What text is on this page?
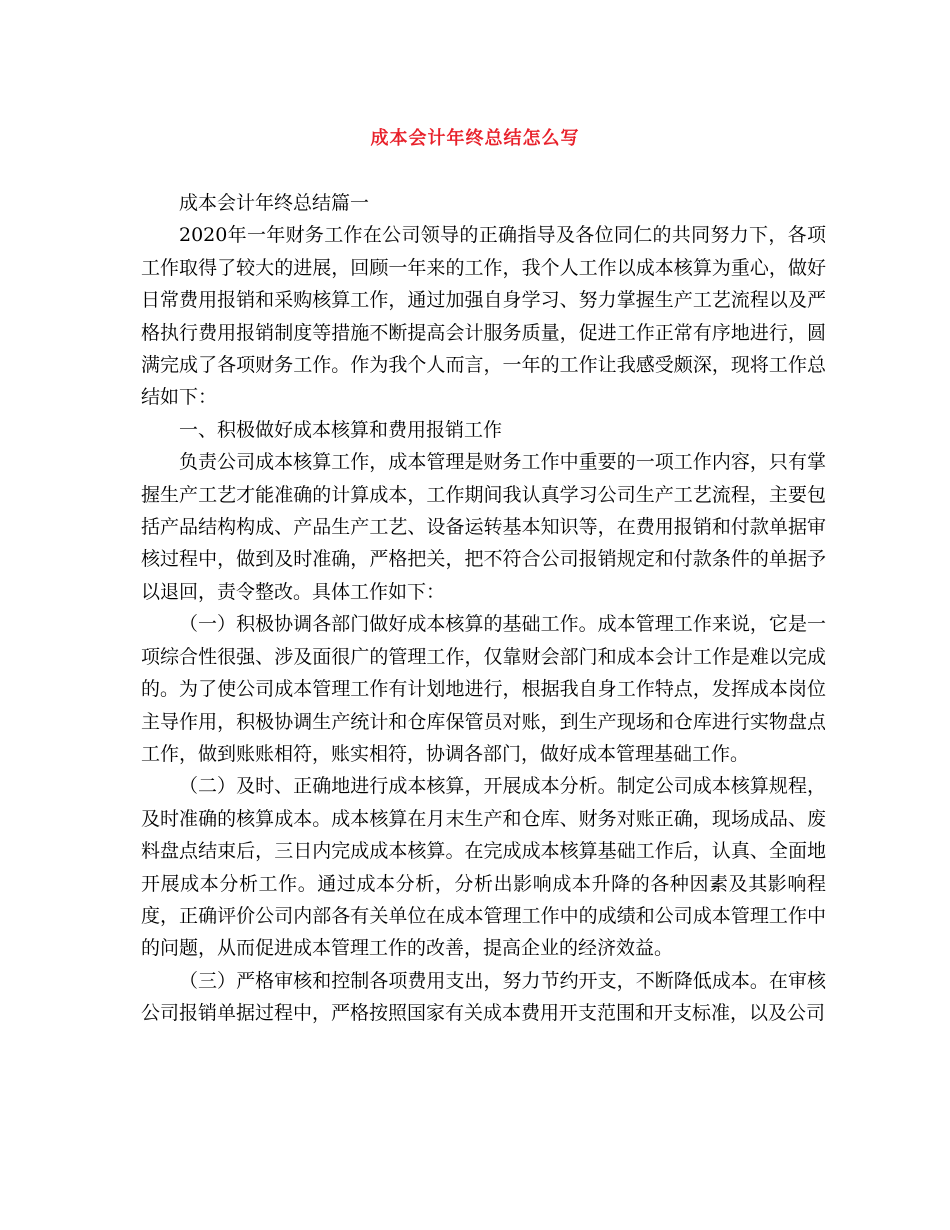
成本会计年终总结怎么写

成本会计年终总结篇一

2020年一年财务工作在公司领导的正确指导及各位同仁的共同努力下，各项工作取得了较大的进展，回顾一年来的工作，我个人工作以成本核算为重心，做好日常费用报销和采购核算工作，通过加强自身学习、努力掌握生产工艺流程以及严格执行费用报销制度等措施不断提高会计服务质量，促进工作正常有序地进行，圆满完成了各项财务工作。作为我个人而言，一年的工作让我感受颇深，现将工作总结如下：

一、积极做好成本核算和费用报销工作

负责公司成本核算工作，成本管理是财务工作中重要的一项工作内容，只有掌握生产工艺才能准确的计算成本，工作期间我认真学习公司生产工艺流程，主要包括产品结构构成、产品生产工艺、设备运转基本知识等，在费用报销和付款单据审核过程中，做到及时准确，严格把关，把不符合公司报销规定和付款条件的单据予以退回，责令整改。具体工作如下：

（一）积极协调各部门做好成本核算的基础工作。成本管理工作来说，它是一项综合性很强、涉及面很广的管理工作，仅靠财会部门和成本会计工作是难以完成的。为了使公司成本管理工作有计划地进行，根据我自身工作特点，发挥成本岗位主导作用，积极协调生产统计和仓库保管员对账，到生产现场和仓库进行实物盘点工作，做到账账相符，账实相符，协调各部门，做好成本管理基础工作。

（二）及时、正确地进行成本核算，开展成本分析。制定公司成本核算规程，及时准确的核算成本。成本核算在月末生产和仓库、财务对账正确，现场成品、废料盘点结束后，三日内完成成本核算。在完成成本核算基础工作后，认真、全面地开展成本分析工作。通过成本分析，分析出影响成本升降的各种因素及其影响程度，正确评价公司内部各有关单位在成本管理工作中的成绩和公司成本管理工作中的问题，从而促进成本管理工作的改善，提高企业的经济效益。

（三）严格审核和控制各项费用支出，努力节约开支，不断降低成本。在审核公司报销单据过程中，严格按照国家有关成本费用开支范围和开支标准，以及公司
